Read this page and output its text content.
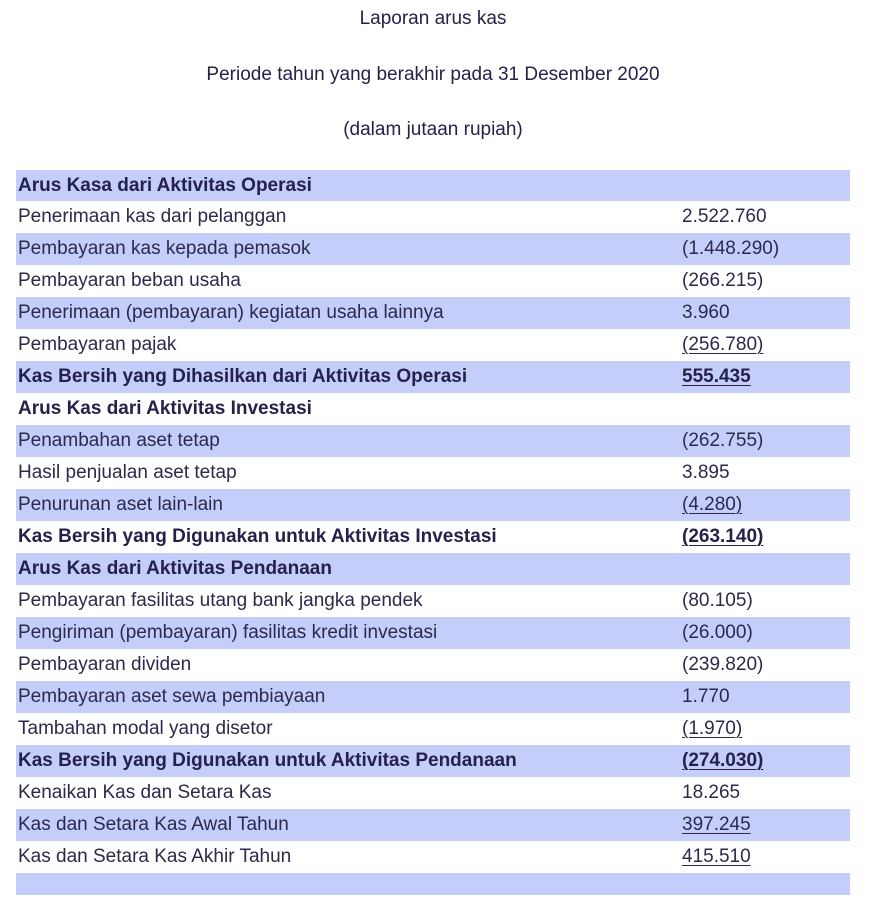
Laporan arus kas
Periode tahun yang berakhir pada 31 Desember 2020
(dalam jutaan rupiah)
Arus Kasa dari Aktivitas Operasi	
Penerimaan kas dari pelanggan	2.522.760
Pembayaran kas kepada pemasok	(1.448.290)
Pembayaran beban usaha	(266.215)
Penerimaan (pembayaran) kegiatan usaha lainnya	3.960
Pembayaran pajak	(256.780)
Kas Bersih yang Dihasilkan dari Aktivitas Operasi	555.435
Arus Kas dari Aktivitas Investasi	
Penambahan aset tetap	(262.755)
Hasil penjualan aset tetap	3.895
Penurunan aset lain-lain	(4.280)
Kas Bersih yang Digunakan untuk Aktivitas Investasi	(263.140)
Arus Kas dari Aktivitas Pendanaan	
Pembayaran fasilitas utang bank jangka pendek	(80.105)
Pengiriman (pembayaran) fasilitas kredit investasi	(26.000)
Pembayaran dividen	(239.820)
Pembayaran aset sewa pembiayaan	1.770
Tambahan modal yang disetor	(1.970)
Kas Bersih yang Digunakan untuk Aktivitas Pendanaan	(274.030)
Kenaikan Kas dan Setara Kas	18.265
Kas dan Setara Kas Awal Tahun	397.245
Kas dan Setara Kas Akhir Tahun	415.510
